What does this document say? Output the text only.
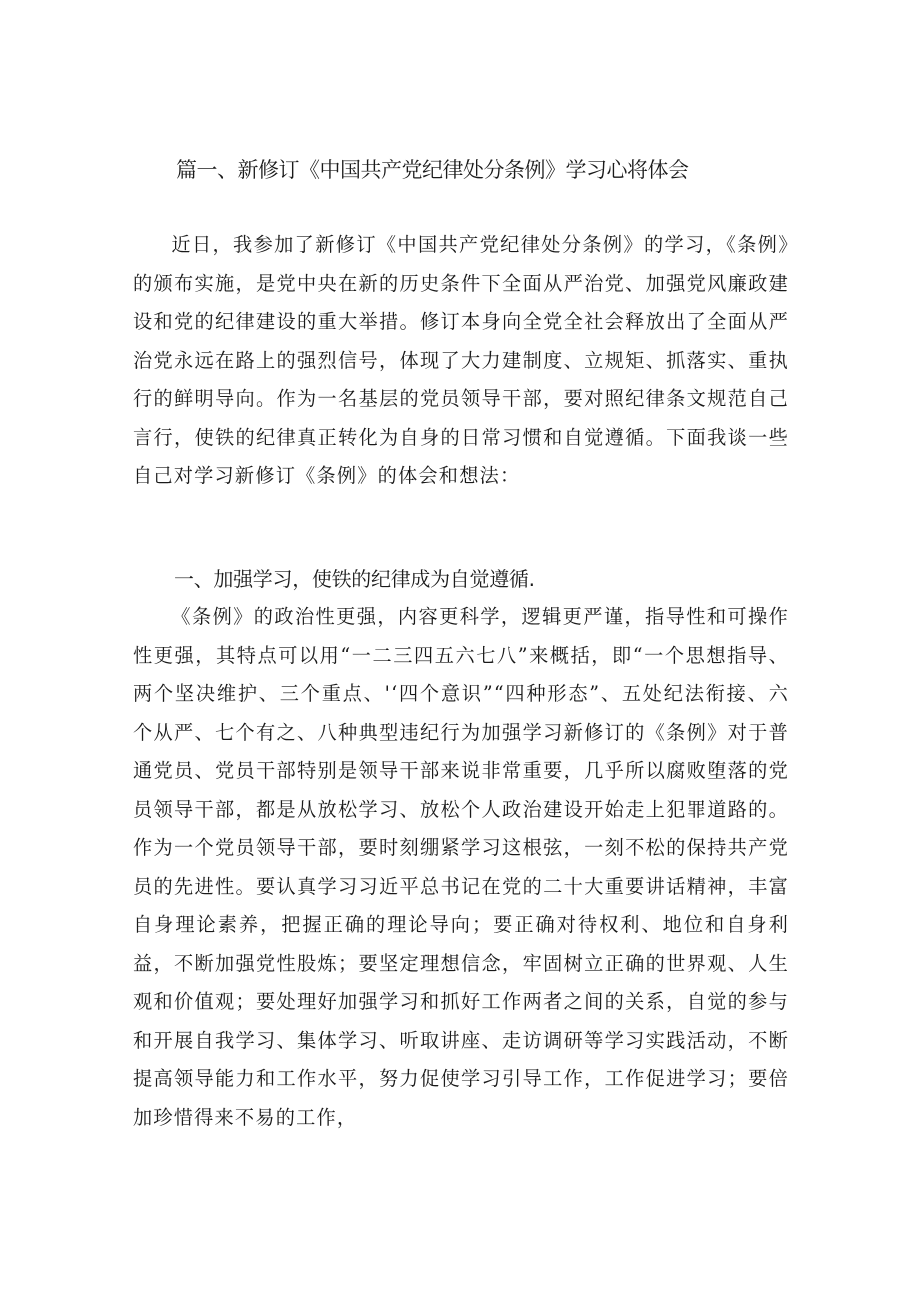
篇一、新修订《中国共产党纪律处分条例》学习心将体会

近日，我参加了新修订《中国共产党纪律处分条例》的学习，《条例》的颁布实施，是党中央在新的历史条件下全面从严治党、加强党风廉政建设和党的纪律建设的重大举措。修订本身向全党全社会释放出了全面从严治党永远在路上的强烈信号，体现了大力建制度、立规矩、抓落实、重执行的鲜明导向。作为一名基层的党员领导干部，要对照纪律条文规范自己言行，使铁的纪律真正转化为自身的日常习惯和自觉遵循。下面我谈一些自己对学习新修订《条例》的体会和想法：

一、加强学习，使铁的纪律成为自觉遵循.

《条例》的政治性更强，内容更科学，逻辑更严谨，指导性和可操作性更强，其特点可以用“一二三四五六七八”来概括，即“一个思想指导、两个坚决维护、三个重点、'‘四个意识”“四种形态”、五处纪法衔接、六个从严、七个有之、八种典型违纪行为加强学习新修订的《条例》对于普通党员、党员干部特别是领导干部来说非常重要，几乎所以腐败堕落的党员领导干部，都是从放松学习、放松个人政治建设开始走上犯罪道路的。作为一个党员领导干部，要时刻绷紧学习这根弦，一刻不松的保持共产党员的先进性。要认真学习习近平总书记在党的二十大重要讲话精神，丰富自身理论素养，把握正确的理论导向；要正确对待权利、地位和自身利益，不断加强党性股炼；要坚定理想信念，牢固树立正确的世界观、人生观和价值观；要处理好加强学习和抓好工作两者之间的关系，自觉的参与和开展自我学习、集体学习、听取讲座、走访调研等学习实践活动，不断提高领导能力和工作水平，努力促使学习引导工作，工作促进学习；要倍加珍惜得来不易的工作，
